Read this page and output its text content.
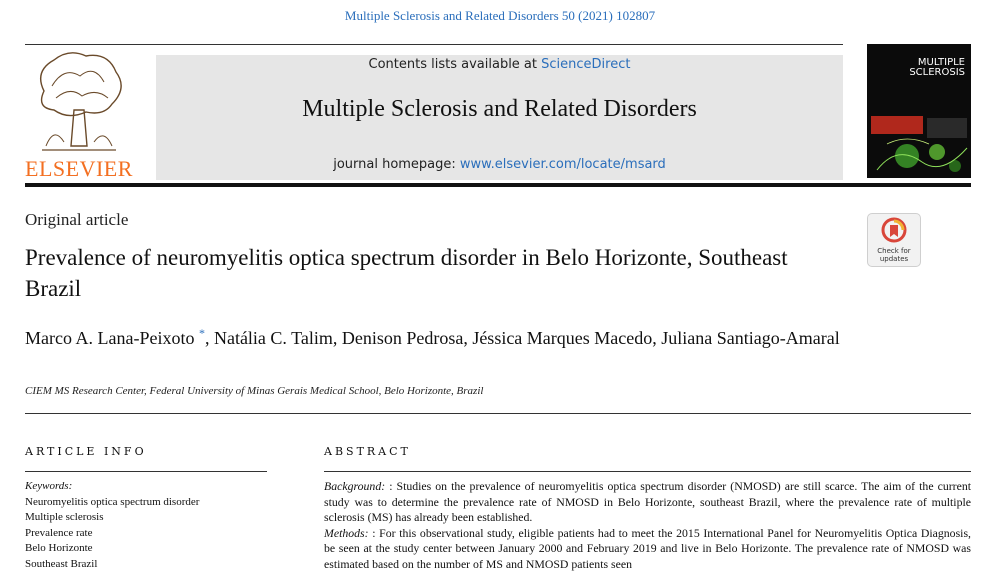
Multiple Sclerosis and Related Disorders 50 (2021) 102807
ELSEVIER
Contents lists available at ScienceDirect
Multiple Sclerosis and Related Disorders
journal homepage: www.elsevier.com/locate/msard
MULTIPLE
SCLEROSIS
Original article
Prevalence of neuromyelitis optica spectrum disorder in Belo Horizonte, Southeast Brazil
Check for
updates
Marco A. Lana-Peixoto *, Natália C. Talim, Denison Pedrosa, Jéssica Marques Macedo, Juliana Santiago-Amaral
CIEM MS Research Center, Federal University of Minas Gerais Medical School, Belo Horizonte, Brazil
ARTICLE INFO	ABSTRACT
Keywords:
Neuromyelitis optica spectrum disorder
Multiple sclerosis
Prevalence rate
Belo Horizonte
Southeast Brazil

Background: : Studies on the prevalence of neuromyelitis optica spectrum disorder (NMOSD) are still scarce. The aim of the current study was to determine the prevalence rate of NMOSD in Belo Horizonte, southeast Brazil, where the prevalence rate of multiple sclerosis (MS) has already been established.

Methods: : For this observational study, eligible patients had to meet the 2015 International Panel for Neuromyelitis Optica Diagnosis, be seen at the study center between January 2000 and February 2019 and live in Belo Horizonte. The prevalence rate of NMOSD was estimated based on the number of MS and NMOSD patients seen
